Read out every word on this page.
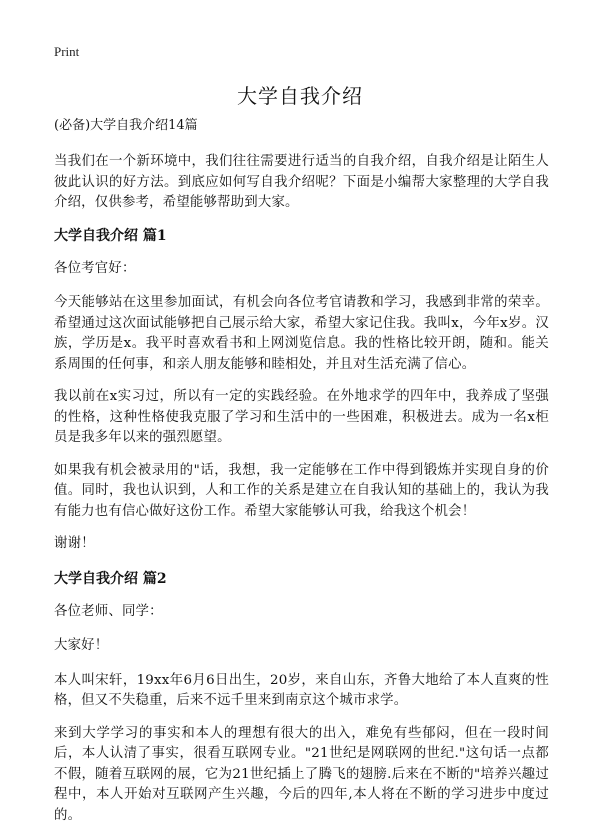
Print
大学自我介绍

(必备)大学自我介绍14篇

当我们在一个新环境中，我们往往需要进行适当的自我介绍，自我介绍是让陌生人彼此认识的好方法。到底应如何写自我介绍呢？下面是小编帮大家整理的大学自我介绍，仅供参考，希望能够帮助到大家。

大学自我介绍 篇1

各位考官好：

今天能够站在这里参加面试，有机会向各位考官请教和学习，我感到非常的荣幸。希望通过这次面试能够把自己展示给大家，希望大家记住我。我叫x，今年x岁。汉族，学历是x。我平时喜欢看书和上网浏览信息。我的性格比较开朗，随和。能关系周围的任何事，和亲人朋友能够和睦相处，并且对生活充满了信心。

我以前在x实习过，所以有一定的实践经验。在外地求学的四年中，我养成了坚强的性格，这种性格使我克服了学习和生活中的一些困难，积极进去。成为一名x柜员是我多年以来的强烈愿望。

如果我有机会被录用的"话，我想，我一定能够在工作中得到锻炼并实现自身的价值。同时，我也认识到，人和工作的关系是建立在自我认知的基础上的，我认为我有能力也有信心做好这份工作。希望大家能够认可我，给我这个机会！

谢谢！

大学自我介绍 篇2

各位老师、同学：

大家好！

本人叫宋轩，19xx年6月6日出生，20岁，来自山东，齐鲁大地给了本人直爽的性格，但又不失稳重，后来不远千里来到南京这个城市求学。

来到大学学习的事实和本人的理想有很大的出入，难免有些郁闷，但在一段时间后，本人认清了事实，很看互联网专业。"21世纪是网联网的世纪."这句话一点都不假，随着互联网的展，它为21世纪插上了腾飞的翅膀.后来在不断的"培养兴趣过程中，本人开始对互联网产生兴趣，今后的四年,本人将在不断的学习进步中度过的。
